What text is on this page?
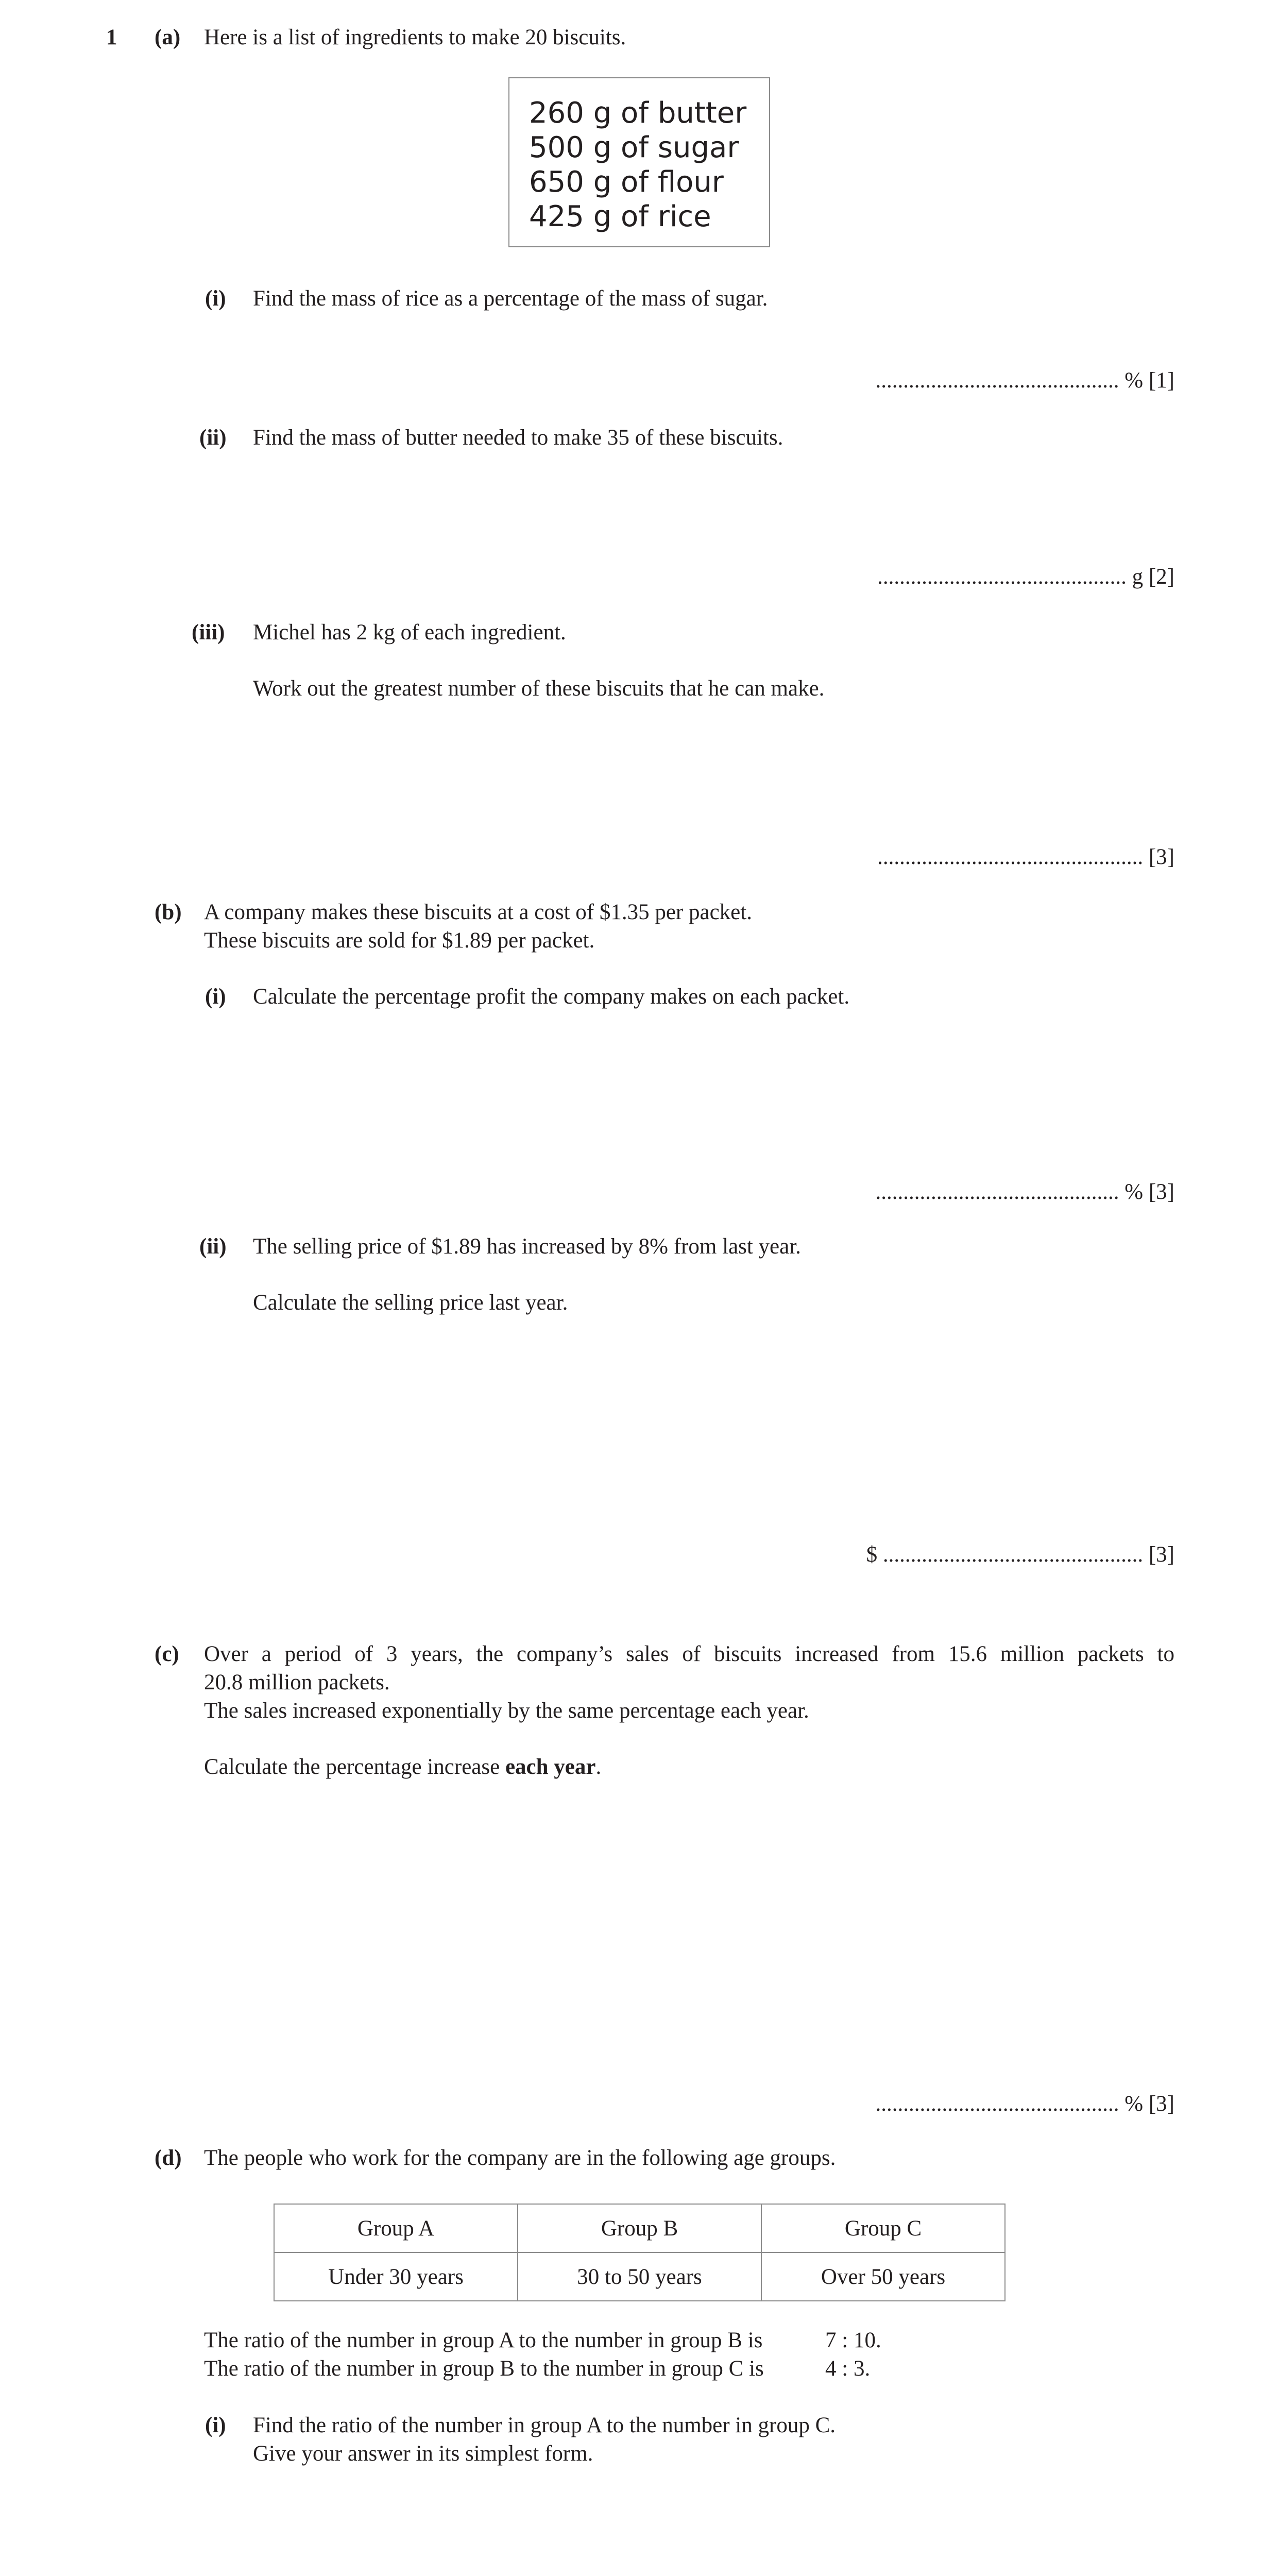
1 (a) Here is a list of ingredients to make 20 biscuits.
260 g of butter
500 g of sugar
650 g of flour
425 g of rice
(i) Find the mass of rice as a percentage of the mass of sugar.
............................................ % [1]
(ii) Find the mass of butter needed to make 35 of these biscuits.
............................................. g [2]
(iii) Michel has 2 kg of each ingredient.
Work out the greatest number of these biscuits that he can make.
................................................ [3]
(b) A company makes these biscuits at a cost of $1.35 per packet.
These biscuits are sold for $1.89 per packet.
(i) Calculate the percentage profit the company makes on each packet.
............................................ % [3]
(ii) The selling price of $1.89 has increased by 8% from last year.
Calculate the selling price last year.
$ ............................................... [3]
(c) Over a period of 3 years, the company’s sales of biscuits increased from 15.6 million packets to
20.8 million packets.
The sales increased exponentially by the same percentage each year.
Calculate the percentage increase each year.
............................................ % [3]
(d) The people who work for the company are in the following age groups.
Group A	Group B	Group C
Under 30 years	30 to 50 years	Over 50 years
The ratio of the number in group A to the number in group B is	7 : 10.
The ratio of the number in group B to the number in group C is	4 : 3.
(i) Find the ratio of the number in group A to the number in group C.
Give your answer in its simplest form.
